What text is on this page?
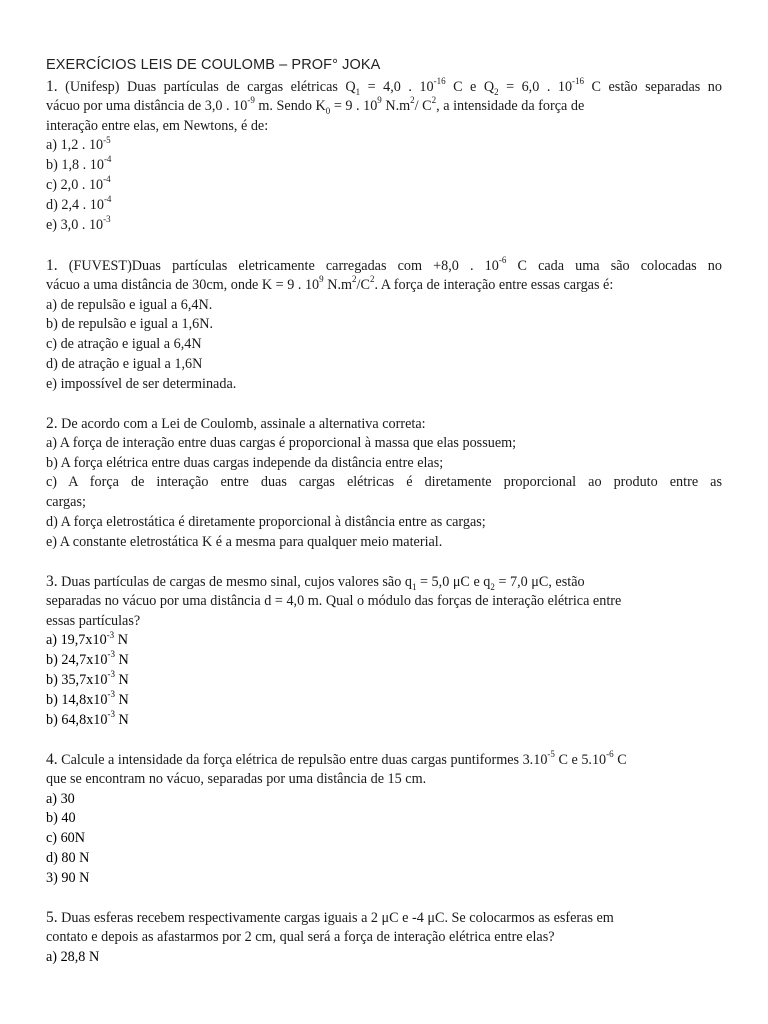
EXERCÍCIOS LEIS DE COULOMB – PROF° JOKA
1. (Unifesp) Duas partículas de cargas elétricas $Q_1 = 4,0$ . $10^{-16}$ C e $Q_2 = 6,0$ . $10^{-16}$ C estão separadas no
vácuo por uma distância de 3,0 . $10^{-9}$ m. Sendo $K_0 = 9$ . $10^9$ $N.m^2/$ $C^2$, a intensidade da força de
interação entre elas, em Newtons, é de:
a) 1,2 . $10^{-5}$
b) 1,8 . $10^{-4}$
c) 2,0 . $10^{-4}$
d) 2,4 . $10^{-4}$
e) 3,0 . $10^{-3}$
1. (FUVEST)Duas partículas eletricamente carregadas com +8,0 . $10^{-6}$ C cada uma são colocadas no
vácuo a uma distância de 30cm, onde K = 9 . $10^9$ $N.m^2/C^2$. A força de interação entre essas cargas é:
a) de repulsão e igual a 6,4N.
b) de repulsão e igual a 1,6N.
c) de atração e igual a 6,4N
d) de atração e igual a 1,6N
e) impossível de ser determinada.
2. De acordo com a Lei de Coulomb, assinale a alternativa correta:
a) A força de interação entre duas cargas é proporcional à massa que elas possuem;
b) A força elétrica entre duas cargas independe da distância entre elas;
c) A força de interação entre duas cargas elétricas é diretamente proporcional ao produto entre as
cargas;
d) A força eletrostática é diretamente proporcional à distância entre as cargas;
e) A constante eletrostática K é a mesma para qualquer meio material.
3. Duas partículas de cargas de mesmo sinal, cujos valores são $q_1 = 5,0$ μC e $q_2 = 7,0$ μC, estão
separadas no vácuo por uma distância d = 4,0 m. Qual o módulo das forças de interação elétrica entre
essas partículas?
a) $19,7x10^{-3}$ N
b) $24,7x10^{-3}$ N
b) $35,7x10^{-3}$ N
b) $14,8x10^{-3}$ N
b) $64,8x10^{-3}$ N
4. Calcule a intensidade da força elétrica de repulsão entre duas cargas puntiformes $3.10^{-5}$ C e $5.10^{-6}$ C
que se encontram no vácuo, separadas por uma distância de 15 cm.
a) 30
b) 40
c) 60N
d) 80 N
3) 90 N
5. Duas esferas recebem respectivamente cargas iguais a 2 μC e -4 μC. Se colocarmos as esferas em
contato e depois as afastarmos por 2 cm, qual será a força de interação elétrica entre elas?
a) 28,8 N
